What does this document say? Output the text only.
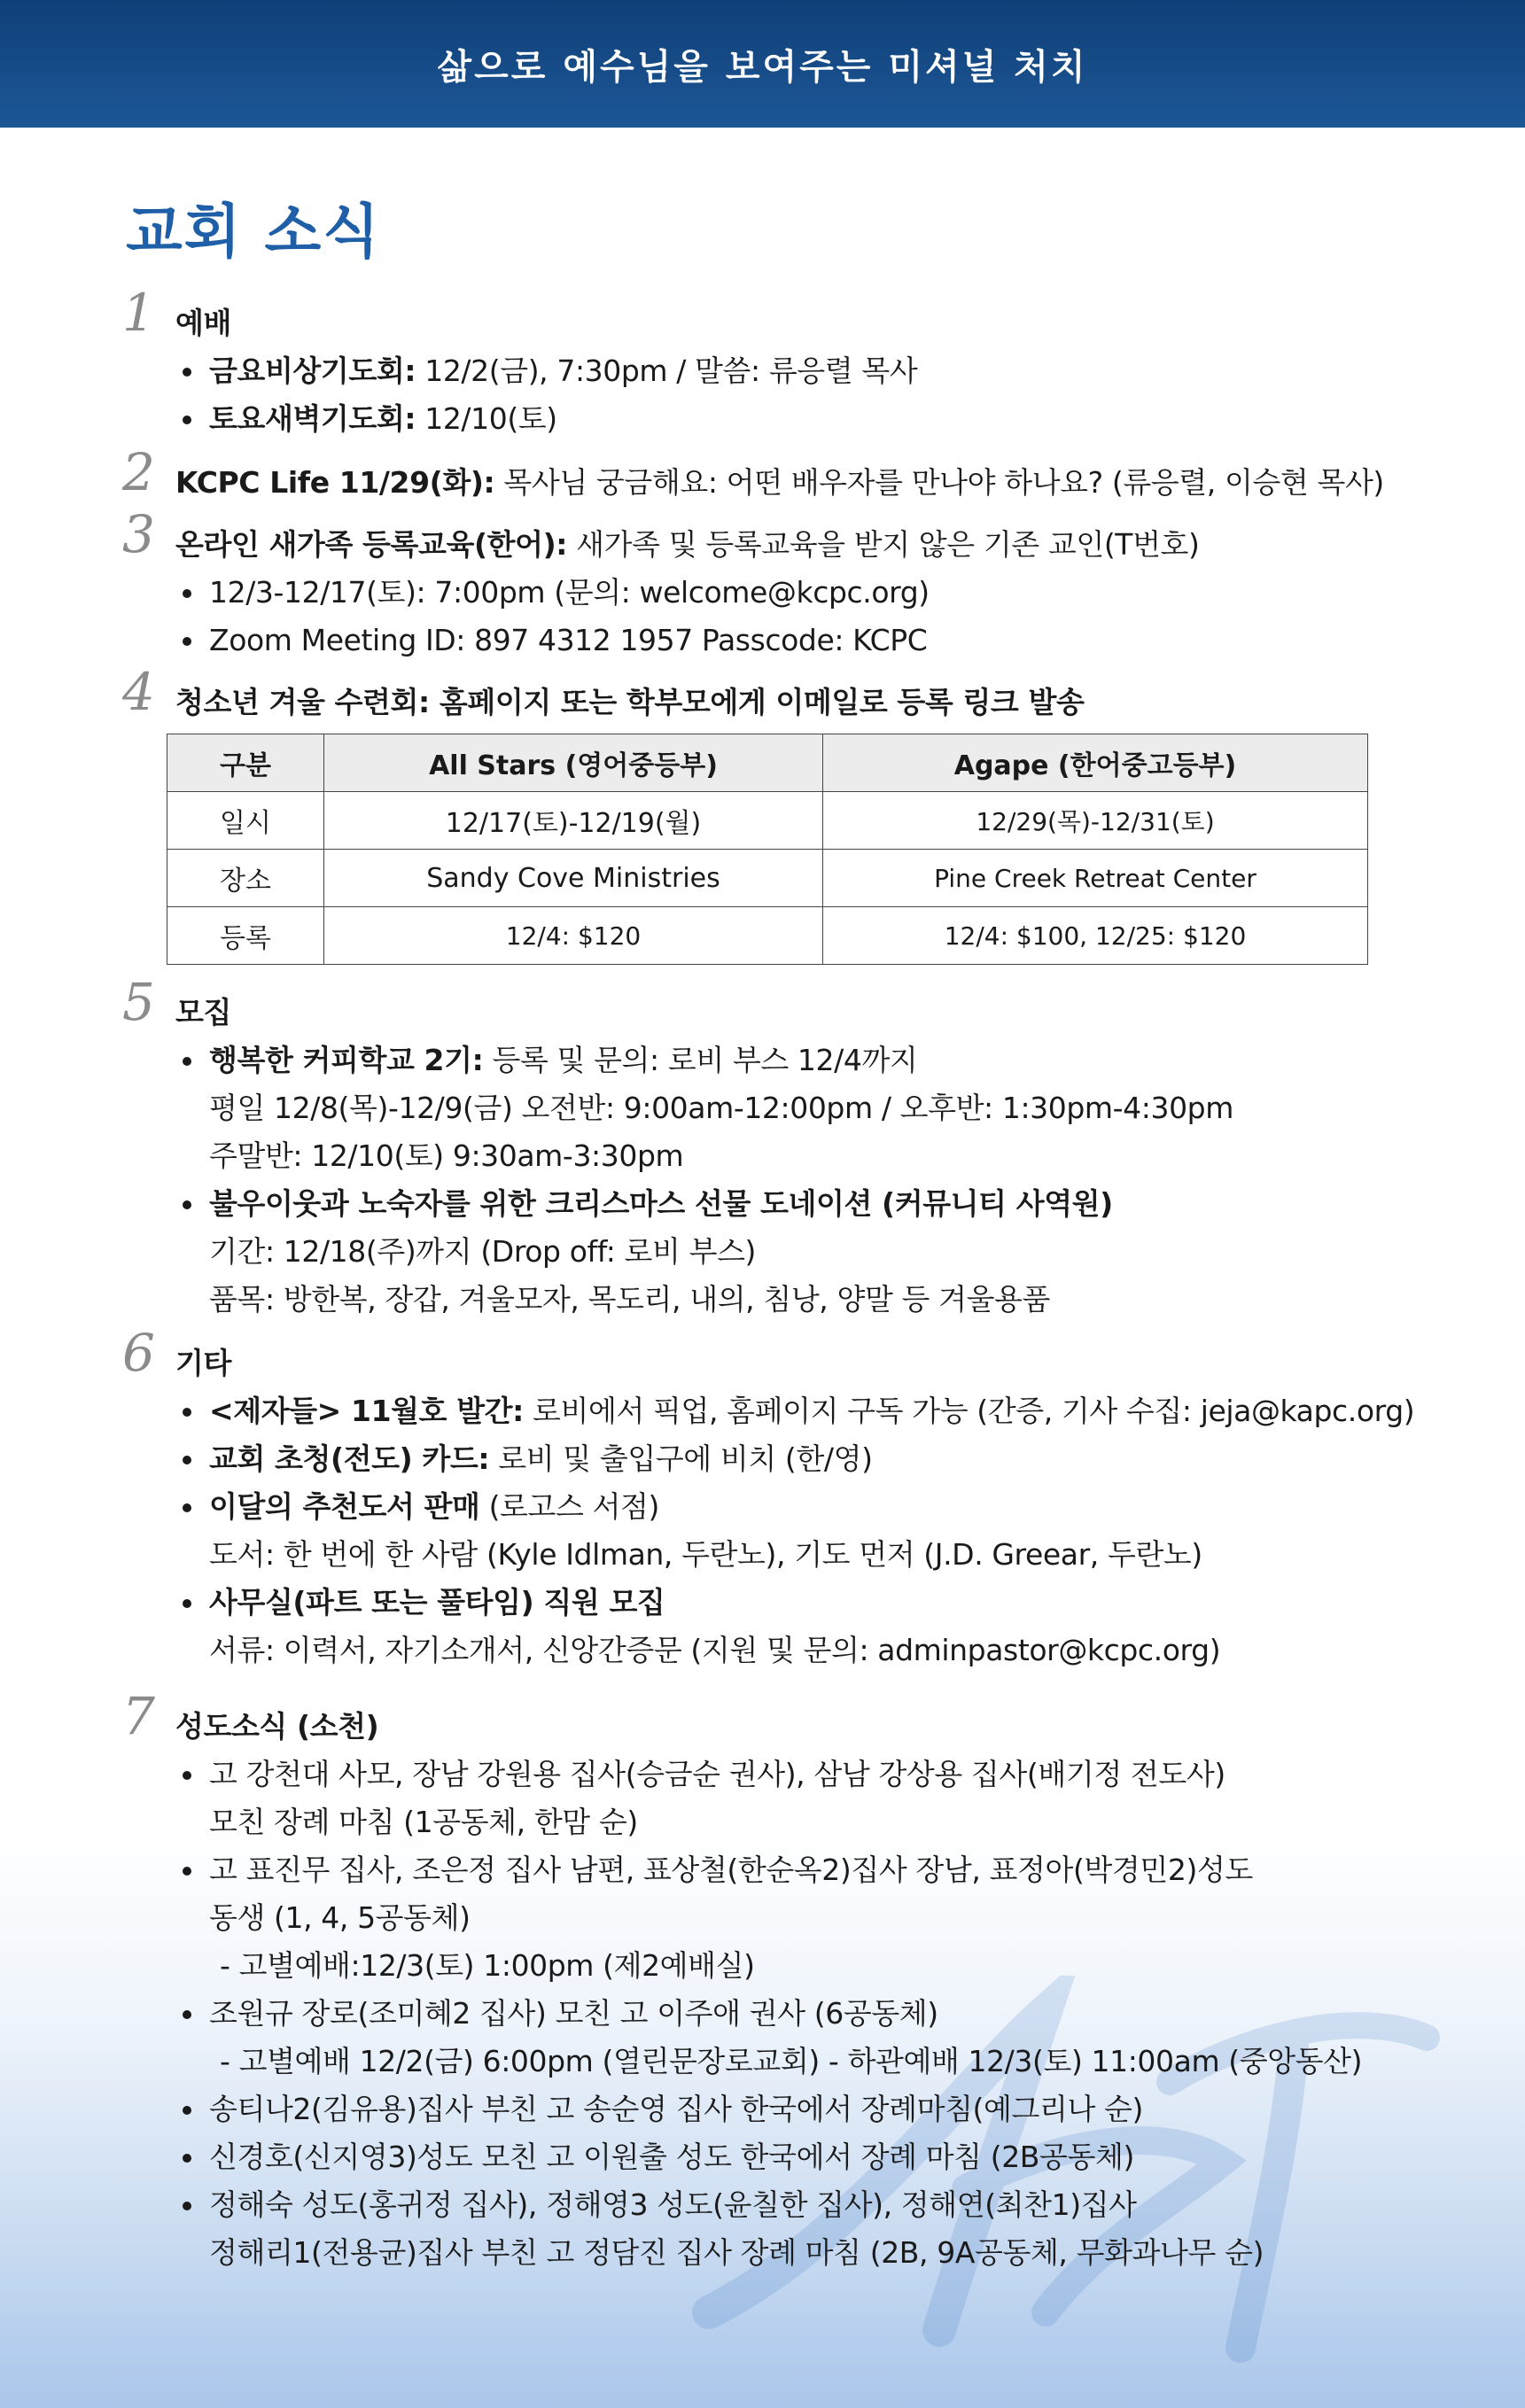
삶으로 예수님을 보여주는 미셔널 처치
교회 소식
1 예배
금요비상기도회: 12/2(금), 7:30pm / 말씀: 류응렬 목사
토요새벽기도회: 12/10(토)
2 KCPC Life 11/29(화): 목사님 궁금해요: 어떤 배우자를 만나야 하나요? (류응렬, 이승현 목사)
3 온라인 새가족 등록교육(한어): 새가족 및 등록교육을 받지 않은 기존 교인(T번호)
12/3-12/17(토): 7:00pm (문의: welcome@kcpc.org)
Zoom Meeting ID: 897 4312 1957 Passcode: KCPC
4 청소년 겨울 수련회: 홈페이지 또는 학부모에게 이메일로 등록 링크 발송
구분	All Stars (영어중등부)	Agape (한어중고등부)
일시	12/17(토)-12/19(월)	12/29(목)-12/31(토)
장소	Sandy Cove Ministries	Pine Creek Retreat Center
등록	12/4: $120	12/4: $100, 12/25: $120
5 모집
행복한 커피학교 2기: 등록 및 문의: 로비 부스 12/4까지
평일 12/8(목)-12/9(금) 오전반: 9:00am-12:00pm / 오후반: 1:30pm-4:30pm
주말반: 12/10(토) 9:30am-3:30pm
불우이웃과 노숙자를 위한 크리스마스 선물 도네이션 (커뮤니티 사역원)
기간: 12/18(주)까지 (Drop off: 로비 부스)
품목: 방한복, 장갑, 겨울모자, 목도리, 내의, 침낭, 양말 등 겨울용품
6 기타
<제자들> 11월호 발간: 로비에서 픽업, 홈페이지 구독 가능 (간증, 기사 수집: jeja@kapc.org)
교회 초청(전도) 카드: 로비 및 출입구에 비치 (한/영)
이달의 추천도서 판매 (로고스 서점)
도서: 한 번에 한 사람 (Kyle Idlman, 두란노), 기도 먼저 (J.D. Greear, 두란노)
사무실(파트 또는 풀타임) 직원 모집
서류: 이력서, 자기소개서, 신앙간증문 (지원 및 문의: adminpastor@kcpc.org)
7 성도소식 (소천)
고 강천대 사모, 장남 강원용 집사(승금순 권사), 삼남 강상용 집사(배기정 전도사)
모친 장례 마침 (1공동체, 한맘 순)
고 표진무 집사, 조은정 집사 남편, 표상철(한순옥2)집사 장남, 표정아(박경민2)성도
동생 (1, 4, 5공동체)
- 고별예배:12/3(토) 1:00pm (제2예배실)
조원규 장로(조미혜2 집사) 모친 고 이주애 권사 (6공동체)
- 고별예배 12/2(금) 6:00pm (열린문장로교회) - 하관예배 12/3(토) 11:00am (중앙동산)
송티나2(김유용)집사 부친 고 송순영 집사 한국에서 장례마침(예그리나 순)
신경호(신지영3)성도 모친 고 이원출 성도 한국에서 장례 마침 (2B공동체)
정해숙 성도(홍귀정 집사), 정해영3 성도(윤칠한 집사), 정해연(최찬1)집사
정해리1(전용균)집사 부친 고 정담진 집사 장례 마침 (2B, 9A공동체, 무화과나무 순)
